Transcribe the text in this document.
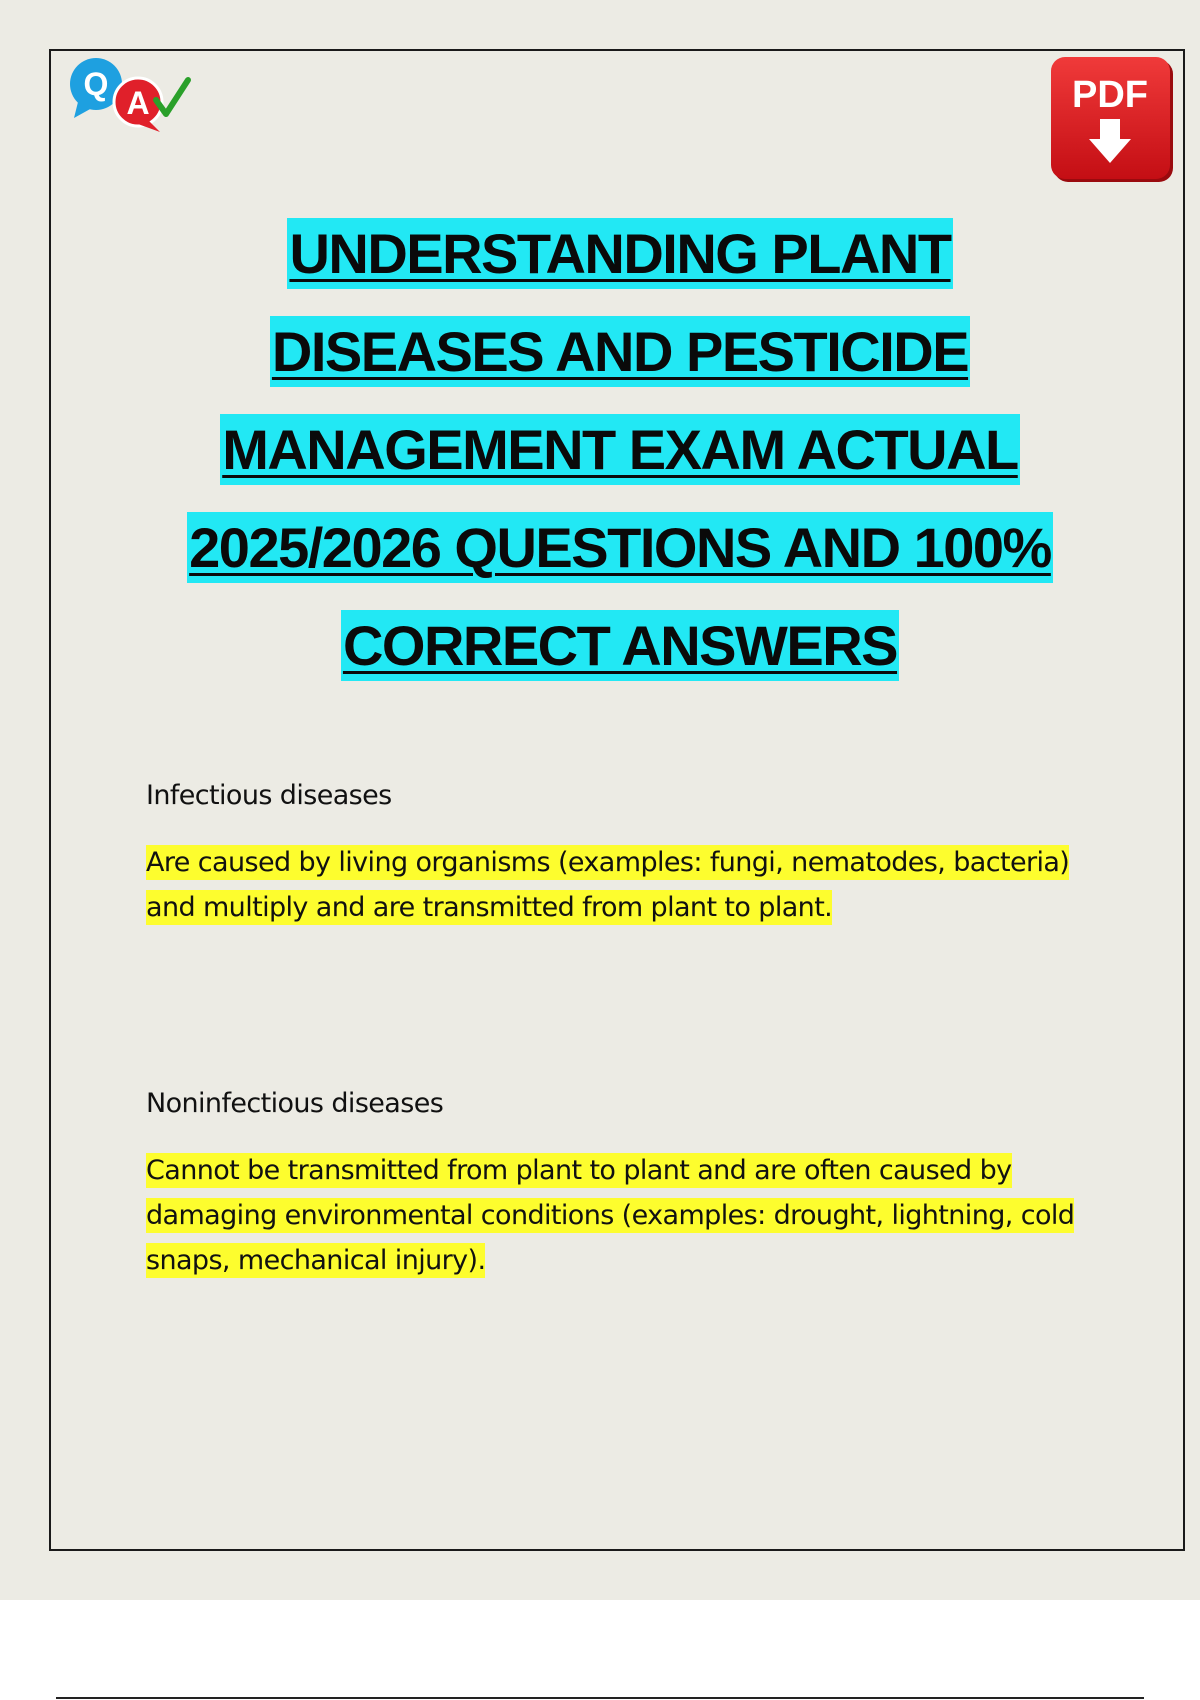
Q
A	PDF
UNDERSTANDING PLANT
DISEASES AND PESTICIDE
MANAGEMENT EXAM ACTUAL
2025/2026 QUESTIONS AND 100%
CORRECT ANSWERS

Infectious diseases

Are caused by living organisms (examples: fungi, nematodes, bacteria) and multiply and are transmitted from plant to plant.

Noninfectious diseases

Cannot be transmitted from plant to plant and are often caused by damaging environmental conditions (examples: drought, lightning, cold snaps, mechanical injury).
